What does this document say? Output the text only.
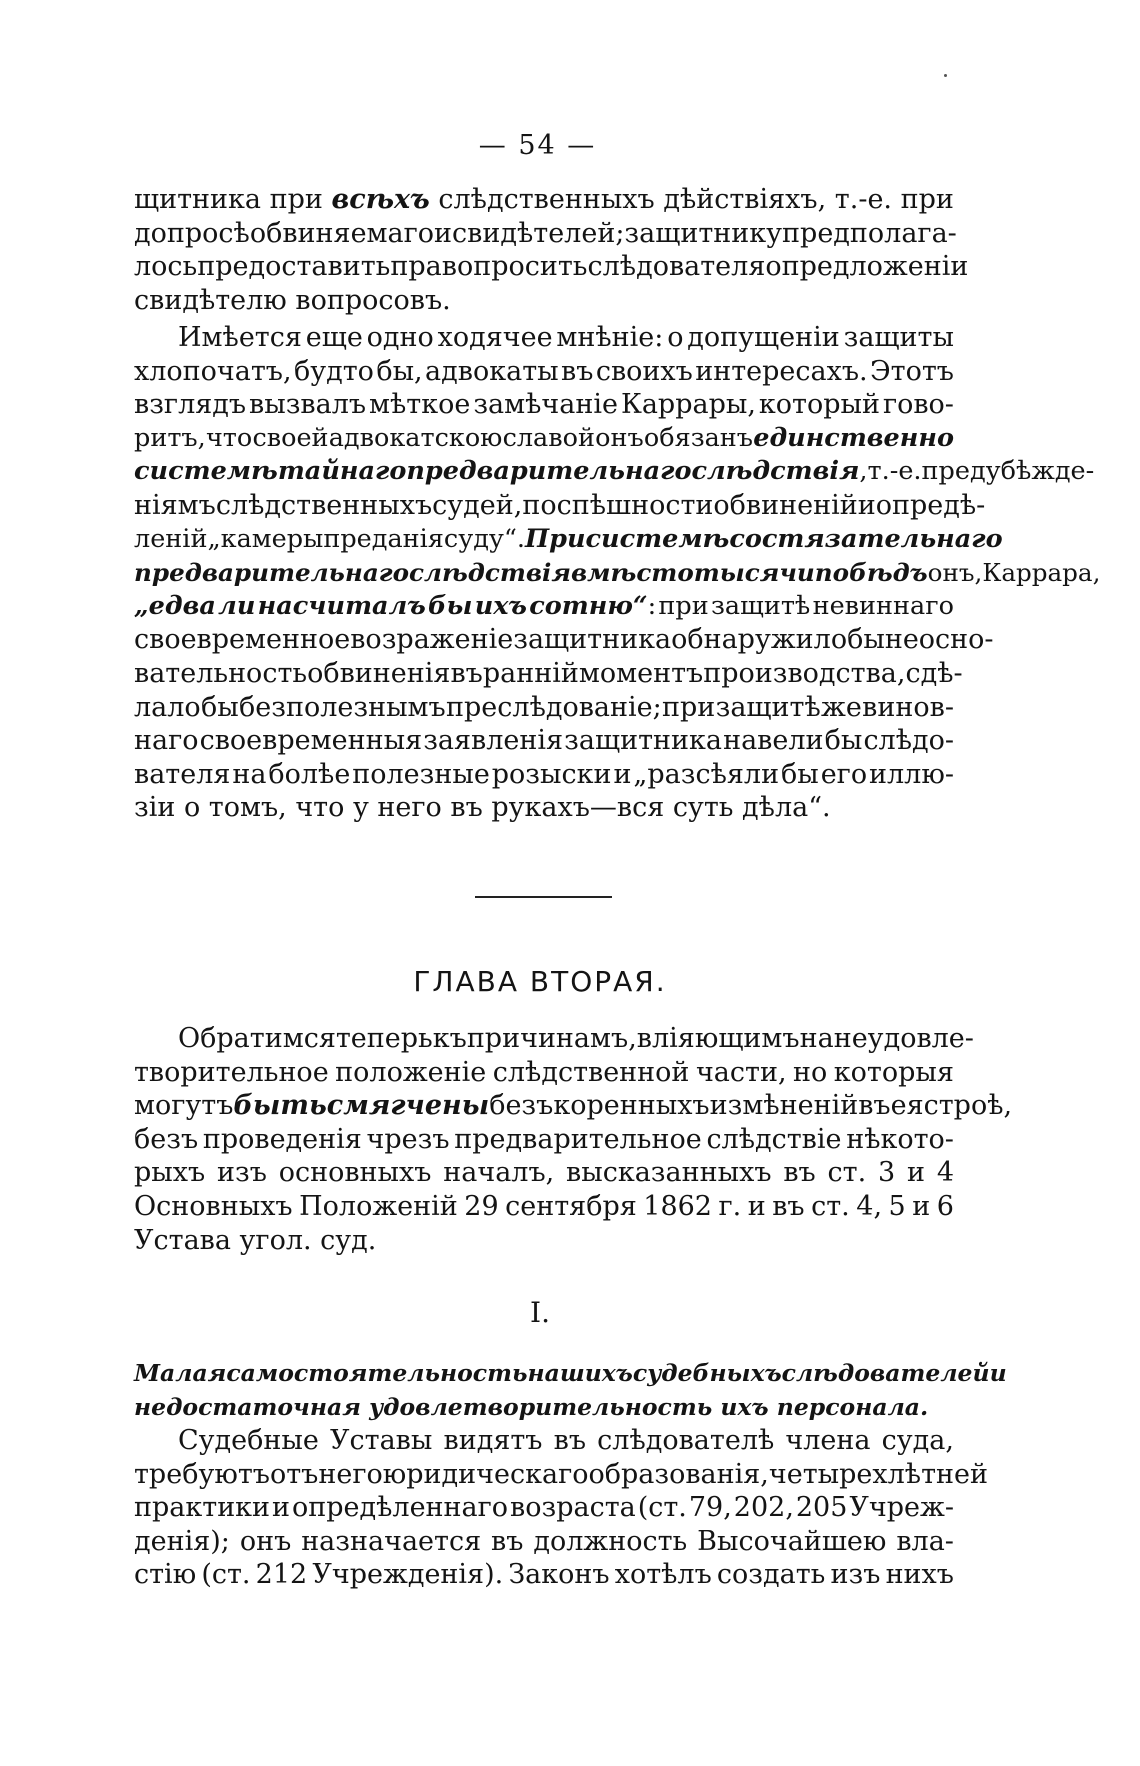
— 54 —
щитника при всѣхъ слѣдственныхъ дѣйствіяхъ, т.-е. при
допросѣ обвиняемаго и свидѣтелей; защитнику предполага-
лось предоставить право просить слѣдователя о предложеніи
свидѣтелю вопросовъ.
Имѣется еще одно ходячее мнѣніе: о допущеніи защиты
хлопочатъ, будто бы, адвокаты въ своихъ интересахъ. Этотъ
взглядъ вызвалъ мѣткое замѣчаніе Каррары, который гово-
ритъ, что своей адвокатскою славой онъ обязанъ единственно
системѣ тайнаго предварительнаго слѣдствія, т.-е. предубѣжде-
ніямъ слѣдственныхъ судей, поспѣшности обвиненій и опредѣ-
леній „камеры преданія суду“. При системѣ состязательнаго
предварительнаго слѣдствія вмѣсто тысячи побѣдъ онъ, Каррара,
„едва ли насчиталъ бы ихъ сотню“: при защитѣ невиннаго
своевременное возраженіе защитника обнаружило бы неосно-
вательность обвиненія въ ранній моментъ производства, сдѣ-
лало бы безполезнымъ преслѣдованіе; при защитѣ же винов-
наго своевременныя заявленія защитника навели бы слѣдо-
вателя на болѣе полезные розыски и „разсѣяли бы его иллю-
зіи о томъ, что у него въ рукахъ—вся суть дѣла“.
ГЛАВА ВТОРАЯ.
Обратимся теперь къ причинамъ, вліяющимъ на неудовле-
творительное положеніе слѣдственной части, но которыя
могутъ быть смягчены безъ коренныхъ измѣненій въ ея строѣ,
безъ проведенія чрезъ предварительное слѣдствіе нѣкото-
рыхъ изъ основныхъ началъ, высказанныхъ въ ст. 3 и 4
Основныхъ Положеній 29 сентября 1862 г. и въ ст. 4, 5 и 6
Устава угол. суд.
I.
Малая самостоятельность нашихъ судебныхъ слѣдователей и
недостаточная удовлетворительность ихъ персонала.
Судебные Уставы видятъ въ слѣдователѣ члена суда,
требуютъ отъ него юридическаго образованія, четырехлѣтней
практики и опредѣленнаго возраста (ст. 79, 202, 205 Учреж-
денія); онъ назначается въ должность Высочайшею вла-
стію (ст. 212 Учрежденія). Законъ хотѣлъ создать изъ нихъ
